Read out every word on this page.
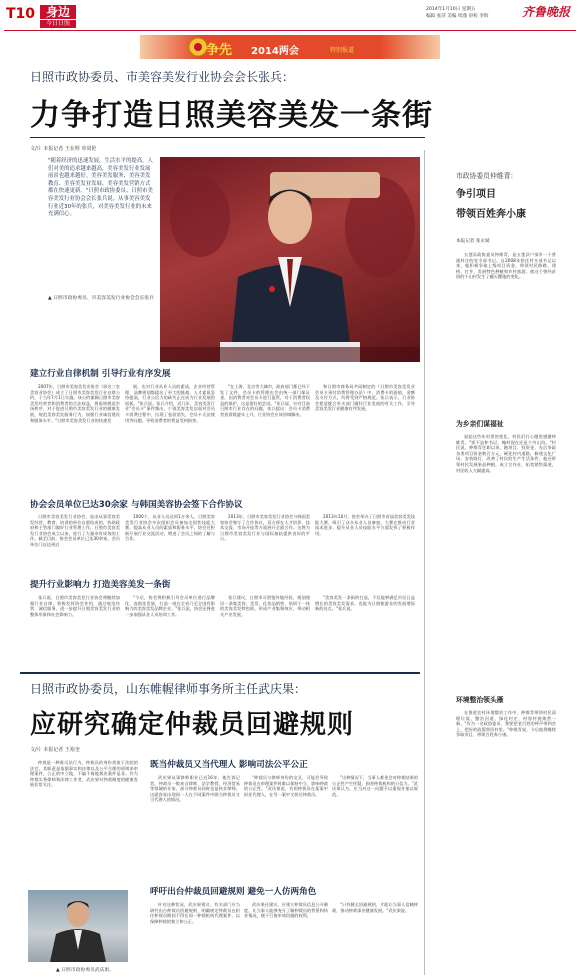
T10 身边
今日日照
2014年1月10日 星期五
编辑 张萍 美编 续蓬 审校 李辉	齐鲁晚报
争先 2014两会	特别报道
日照市政协委员、市美容美发行业协会会长张兵：
力争打造日照美容美发一条街
文/片 本报记者 王在辉 单周伦
"随着经济的迅速发展，生活水平的提高，人们对美的追求越来越高，美容美发行业发展前景也越来越好。美容美发服务、美容美发教育、美容美发业发展、美容美发营销方式都在快速更新。"日照市政协委员、日照市美容美发行业协会会长张兵说。从事美容美发行业近30年的张兵，对美容美发行业的未来充满信心。
▲ 日照市政协委员、市美容美发行业协会会长张兵
建立行业自律机制 引导行业有序发展

2007年，日照市美容美发业协会（原名三农美容业协会）成立了日照市美容美发行业自律公约，于当年7月1日实施。该公约兼顾日照市美容美发经营者和消费者的合法权益，将说明规范市场秩序，对于促进日照市美容美发行业的健康发展，规范美容美发服务行为，加强行业诚信建设和服务水平。"日照市美容美发行业的快速发

展，也对行业从业人员的素质，企业经营管理，品牌规划都提出了更大的挑战，人才素质急待提高，行业公信力的缺失正在成为行业发展的短板。"张兵说。张兵介绍，近几年，美容美发行业"会员卡"事件频出，个别美容美发店面对会员卡消费过程中，出现了卷款消失、会员卡无法使用等问题，导致消费者的利益受到损害。

"在上海、北京等大城市，政府部门都已经下发了文件，会员卡的管理也会由统一部门保证金，由消费者对会员卡进行监管，对于消费者权益的保护，这是很好的尝试。"张兵说。针对目前日照市行业存在的问题，张兵提出：会员卡消费者投诉数逐年上升，行业协会应该协调解决。

和日照市商务局共同制定的《日照市美容美发业会员卡预付消费管理办法》中，消费卡的面值，金额及支付方式，均将受到严格规范。张兵表示，行业协会愿意配合有关部门做好行业发展的有关工作，引导美容美发行业健康有序发展。

协会会员单位已达30余家 与韩国美容协会签下合作协议

日照市美容美发行业协会，是由从事美容美发经营、教育、培训的单位自愿结成的，协助政府和主管部门做好行业管理工作，日照市美容美发行业协会成立以来，进行了大量卓有成效的工作。截至目前，协会会员单位已达30余家，会员单位门店达到近

1000个，从业人员达到1万余人。日照美容美发行业协会多次组织会员参加全国性技能大赛，提高从业人员的素质和服务水平。协会还积极开展行业交流活动，增进了会员之间的了解与合作。

2013年，日照市美容美发行业协会与韩国美容协会签订了合作协议，双方将在人才培养、技术交流、市场开拓等方面展开全面合作。这将为日照市美容美发行业与国际接轨提供良好的平台。

2013年10月，协会举办了日照市首届美容美发技能大赛，吸引了众多从业人员参加，大赛在推动行业技术进步、提升从业人员技能水平方面发挥了积极作用。

提升行业影响力 打造美容美发一条街

张兵说，日照市美容美发行业协会将继续加强行业自律，积极发挥协会作用，通过规范经营、诚信服务，进一步提升日照美容美发行业的整体形象和社会影响力。

"今后，协会将积极引导会员单位进行品牌化、连锁化发展，打造一批在全省乃至全国有影响力的美容美发品牌企业。"张兵说，协会还将进一步加强从业人员培训工作。

张兵建议，日照市可借鉴外地经验，规划建设一条集美容、美发、化妆品销售、培训于一体的美容美发特色街，形成产业集聚效应，带动相关产业发展。

"美容美发一条街的打造，不仅能够满足市民日益增长的美容美发需求，也能为日照旅游业的发展增添新的亮点。"张兵说。

市政协委员仲维青：
争引项目
带领百姓奔小康
本报记者 张永斌

五莲县政协委员仲维青，是五莲县户部乡一个普通村庄的党支部书记。自2008年担任村支部书记以来，他积极争取上级项目资金，带领村民修路、建桥、打井，发展特色种植和乡村旅游，使这个曾经贫困的小山村发生了翻天覆地的变化。

为乡亲们谋福祉

说起这些年村里的变化，村民们打心眼里感激仲维青。"要不是仲书记，俺村现在还是个穷山沟。"村民说。仲维青任职以来，跑项目、找资金，先后争取各类项目资金数百万元，硬化村内道路，修建文化广场，安装路灯，改善了村民的生产生活条件。他还带领村民发展果品种植，成立合作社，拓宽销售渠道，村民收入大幅提高。

环境整治领头雁

在推进农村环境整治工作中，仲维青带领村民清理垃圾、整治河道、绿化村庄，村容村貌焕然一新。"作为一名政协委员，我要把老百姓的呼声带到会上，把好的政策带回村里。"仲维青说，今后他将继续争取项目，带领百姓奔小康。

日照市政协委员，山东帷幄律师事务所主任武庆果：
应研究确定仲裁员回避规则
文/片 本报记者 王裕奎

仲裁是一种准司法行为，仲裁员的身份类似于法院的法官，其职责是依据事实和法律以及公平合理的原则来审理案件，公正的中立地，不偏不倚地裁决案件是非。作为仲裁实务律师和法律工作者，武庆果对仲裁制度的健康发展非常关注。

▲ 日照市政协委员武庆果。
既当仲裁员又当代理人 影响司法公平公正

武庆果从事律师职业已近16年，他告诉记者，仲裁员一般来自律师、法学教授、经济贸易等领域的专家，部分仲裁员同时也是执业律师。这就容易出现同一人在不同案件中既当仲裁员又当代理人的情况。

"仲裁员与律师身份的交叉，可能会导致仲裁员在审理案件时难以保持中立，影响仲裁的公正性。"武庆果说，有的仲裁员在某案中担任代理人，在另一案中又担任仲裁员。

"这种情况下，当事人难免会对仲裁结果的公正性产生怀疑，损害仲裁机构的公信力。"武庆果认为，应当对这一问题予以重视并加以规范。

呼吁出台仲裁员回避规则 避免一人仿两角色

针对这种状况，武庆果建议，有关部门应当研究出台仲裁员回避规则，明确规定仲裁员在担任仲裁员期间不得在同一仲裁机构代理案件，以保障仲裁的独立和公正。

武庆果还建议，应建立仲裁员信息公开制度，让当事人能够充分了解仲裁员的背景和执业情况，便于行使申请回避的权利。

"只有健全回避规则，才能让当事人信赖仲裁，推动仲裁事业健康发展。"武庆果说。
